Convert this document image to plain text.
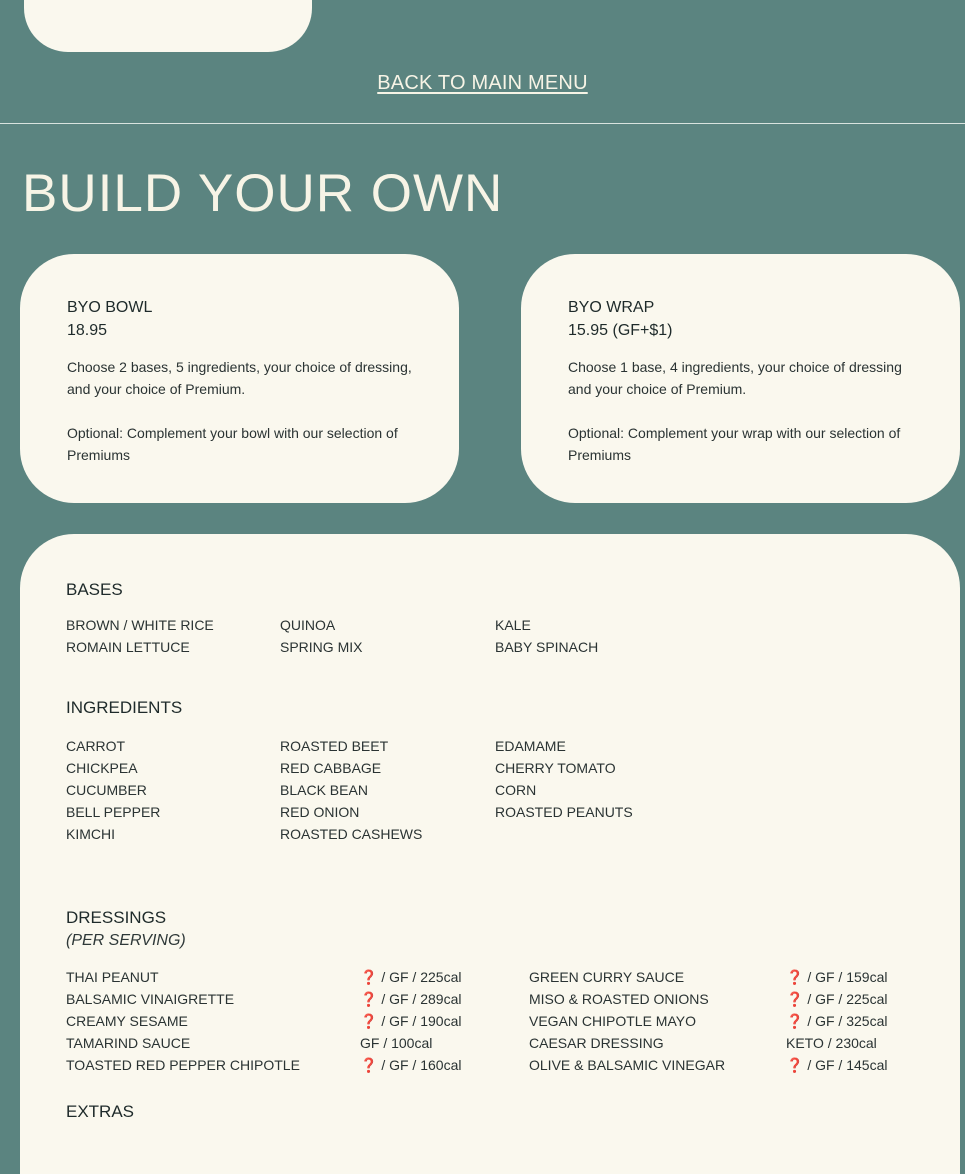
BACK TO MAIN MENU
BUILD YOUR OWN
BYO BOWL
18.95
Choose 2 bases, 5 ingredients, your choice of dressing, and your choice of Premium.
Optional: Complement your bowl with our selection of Premiums
BYO WRAP
15.95 (GF+$1)
Choose 1 base, 4 ingredients, your choice of dressing and your choice of Premium.
Optional: Complement your wrap with our selection of Premiums
BASES
BROWN / WHITE RICE
ROMAIN LETTUCE
QUINOA
SPRING MIX
KALE
BABY SPINACH
INGREDIENTS
CARROT
CHICKPEA
CUCUMBER
BELL PEPPER
KIMCHI
ROASTED BEET
RED CABBAGE
BLACK BEAN
RED ONION
ROASTED CASHEWS
EDAMAME
CHERRY TOMATO
CORN
ROASTED PEANUTS
DRESSINGS
(PER SERVING)
THAI PEANUT
BALSAMIC VINAIGRETTE
CREAMY SESAME
TAMARIND SAUCE
TOASTED RED PEPPER CHIPOTLE
❓ / GF / 225cal
❓ / GF / 289cal
❓ / GF / 190cal
GF / 100cal
❓ / GF / 160cal
GREEN CURRY SAUCE
MISO & ROASTED ONIONS
VEGAN CHIPOTLE MAYO
CAESAR DRESSING
OLIVE & BALSAMIC VINEGAR
❓ / GF / 159cal
❓ / GF / 225cal
❓ / GF / 325cal
KETO / 230cal
❓ / GF / 145cal
EXTRAS
